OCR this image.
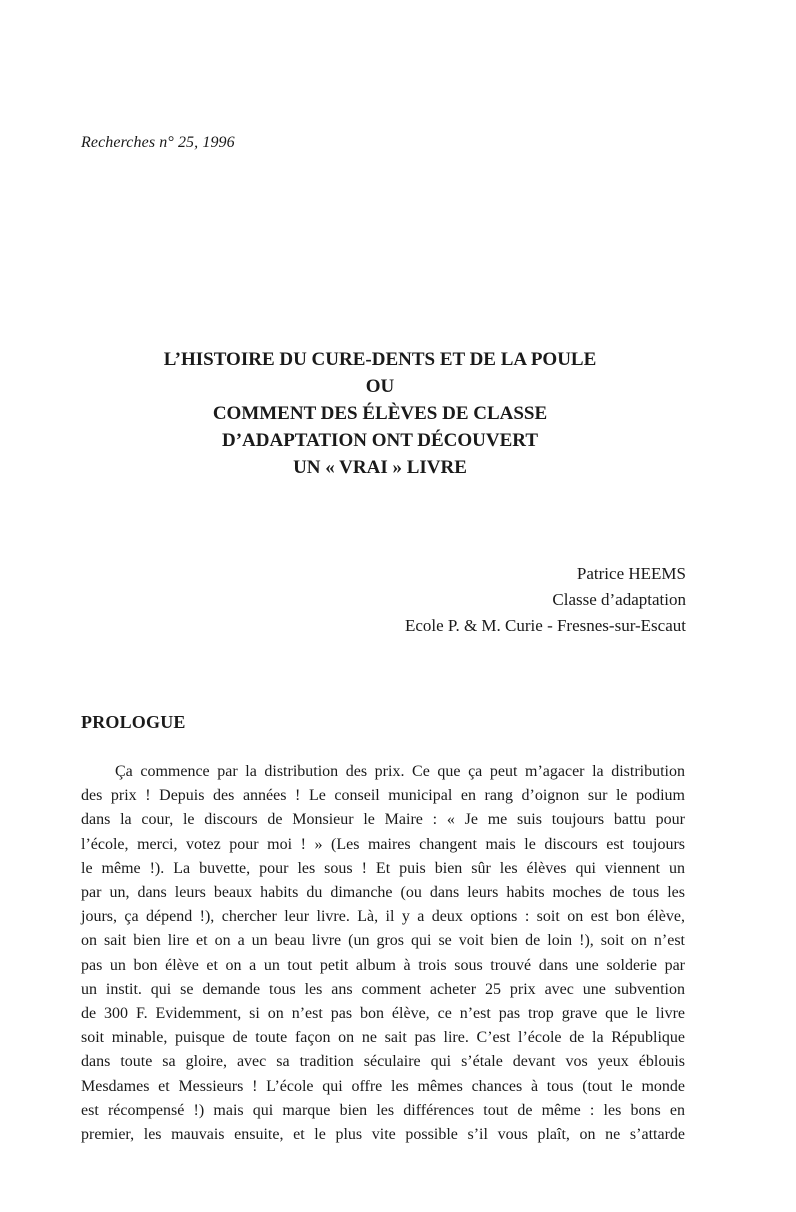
Recherches n° 25, 1996
L’HISTOIRE DU CURE-DENTS ET DE LA POULE
OU
COMMENT DES ÉLÈVES DE CLASSE
D’ADAPTATION ONT DÉCOUVERT
UN « VRAI » LIVRE
Patrice HEEMS
Classe d’adaptation
Ecole P. & M. Curie - Fresnes-sur-Escaut
PROLOGUE
Ça commence par la distribution des prix. Ce que ça peut m’agacer la distribution
des prix ! Depuis des années ! Le conseil municipal en rang d’oignon sur le podium
dans la cour, le discours de Monsieur le Maire : « Je me suis toujours battu pour
l’école, merci, votez pour moi ! » (Les maires changent mais le discours est toujours
le même !). La buvette, pour les sous ! Et puis bien sûr les élèves qui viennent un
par un, dans leurs beaux habits du dimanche (ou dans leurs habits moches de tous les
jours, ça dépend !), chercher leur livre. Là, il y a deux options : soit on est bon élève,
on sait bien lire et on a un beau livre (un gros qui se voit bien de loin !), soit on n’est
pas un bon élève et on a un tout petit album à trois sous trouvé dans une solderie par
un instit. qui se demande tous les ans comment acheter 25 prix avec une subvention
de 300 F. Evidemment, si on n’est pas bon élève, ce n’est pas trop grave que le livre
soit minable, puisque de toute façon on ne sait pas lire. C’est l’école de la République
dans toute sa gloire, avec sa tradition séculaire qui s’étale devant vos yeux éblouis
Mesdames et Messieurs ! L’école qui offre les mêmes chances à tous (tout le monde
est récompensé !) mais qui marque bien les différences tout de même : les bons en
premier, les mauvais ensuite, et le plus vite possible s’il vous plaît, on ne s’attarde
